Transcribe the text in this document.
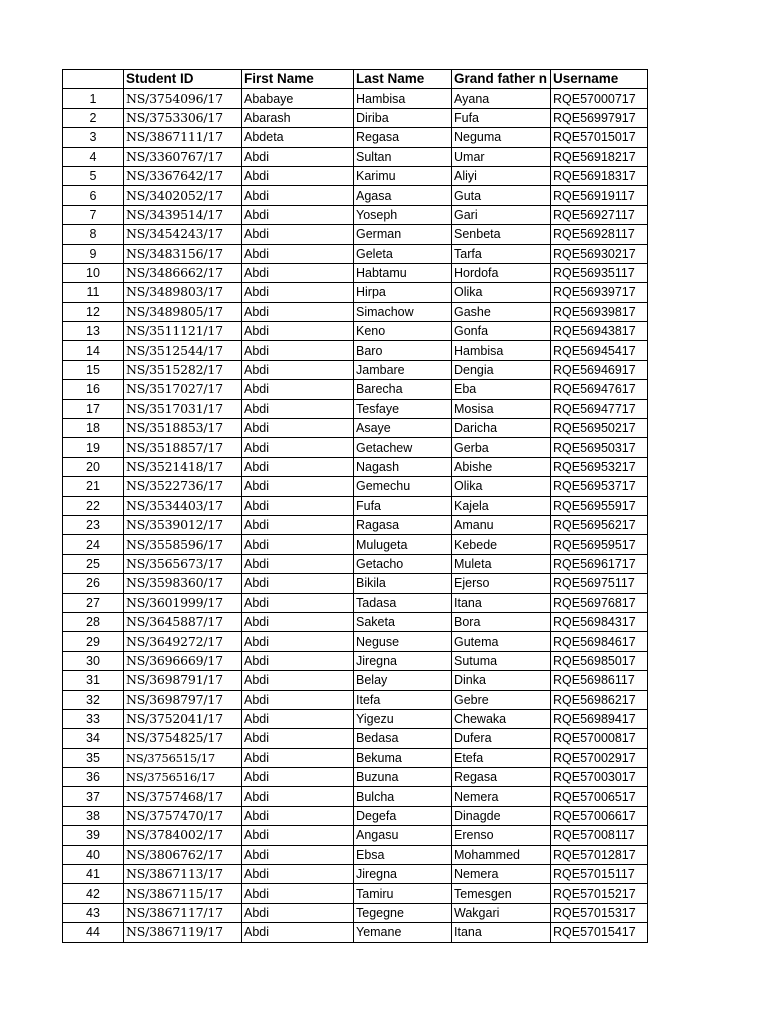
	Student ID	First Name	Last Name	Grand father n	Username
1	NS/3754096/17	Ababaye	Hambisa	Ayana	RQE57000717
2	NS/3753306/17	Abarash	Diriba	Fufa	RQE56997917
3	NS/3867111/17	Abdeta	Regasa	Neguma	RQE57015017
4	NS/3360767/17	Abdi	Sultan	Umar	RQE56918217
5	NS/3367642/17	Abdi	Karimu	Aliyi	RQE56918317
6	NS/3402052/17	Abdi	Agasa	Guta	RQE56919117
7	NS/3439514/17	Abdi	Yoseph	Gari	RQE56927117
8	NS/3454243/17	Abdi	German	Senbeta	RQE56928117
9	NS/3483156/17	Abdi	Geleta	Tarfa	RQE56930217
10	NS/3486662/17	Abdi	Habtamu	Hordofa	RQE56935117
11	NS/3489803/17	Abdi	Hirpa	Olika	RQE56939717
12	NS/3489805/17	Abdi	Simachow	Gashe	RQE56939817
13	NS/3511121/17	Abdi	Keno	Gonfa	RQE56943817
14	NS/3512544/17	Abdi	Baro	Hambisa	RQE56945417
15	NS/3515282/17	Abdi	Jambare	Dengia	RQE56946917
16	NS/3517027/17	Abdi	Barecha	Eba	RQE56947617
17	NS/3517031/17	Abdi	Tesfaye	Mosisa	RQE56947717
18	NS/3518853/17	Abdi	Asaye	Daricha	RQE56950217
19	NS/3518857/17	Abdi	Getachew	Gerba	RQE56950317
20	NS/3521418/17	Abdi	Nagash	Abishe	RQE56953217
21	NS/3522736/17	Abdi	Gemechu	Olika	RQE56953717
22	NS/3534403/17	Abdi	Fufa	Kajela	RQE56955917
23	NS/3539012/17	Abdi	Ragasa	Amanu	RQE56956217
24	NS/3558596/17	Abdi	Mulugeta	Kebede	RQE56959517
25	NS/3565673/17	Abdi	Getacho	Muleta	RQE56961717
26	NS/3598360/17	Abdi	Bikila	Ejerso	RQE56975117
27	NS/3601999/17	Abdi	Tadasa	Itana	RQE56976817
28	NS/3645887/17	Abdi	Saketa	Bora	RQE56984317
29	NS/3649272/17	Abdi	Neguse	Gutema	RQE56984617
30	NS/3696669/17	Abdi	Jiregna	Sutuma	RQE56985017
31	NS/3698791/17	Abdi	Belay	Dinka	RQE56986117
32	NS/3698797/17	Abdi	Itefa	Gebre	RQE56986217
33	NS/3752041/17	Abdi	Yigezu	Chewaka	RQE56989417
34	NS/3754825/17	Abdi	Bedasa	Dufera	RQE57000817
35	NS/3756515/17	Abdi	Bekuma	Etefa	RQE57002917
36	NS/3756516/17	Abdi	Buzuna	Regasa	RQE57003017
37	NS/3757468/17	Abdi	Bulcha	Nemera	RQE57006517
38	NS/3757470/17	Abdi	Degefa	Dinagde	RQE57006617
39	NS/3784002/17	Abdi	Angasu	Erenso	RQE57008117
40	NS/3806762/17	Abdi	Ebsa	Mohammed	RQE57012817
41	NS/3867113/17	Abdi	Jiregna	Nemera	RQE57015117
42	NS/3867115/17	Abdi	Tamiru	Temesgen	RQE57015217
43	NS/3867117/17	Abdi	Tegegne	Wakgari	RQE57015317
44	NS/3867119/17	Abdi	Yemane	Itana	RQE57015417
